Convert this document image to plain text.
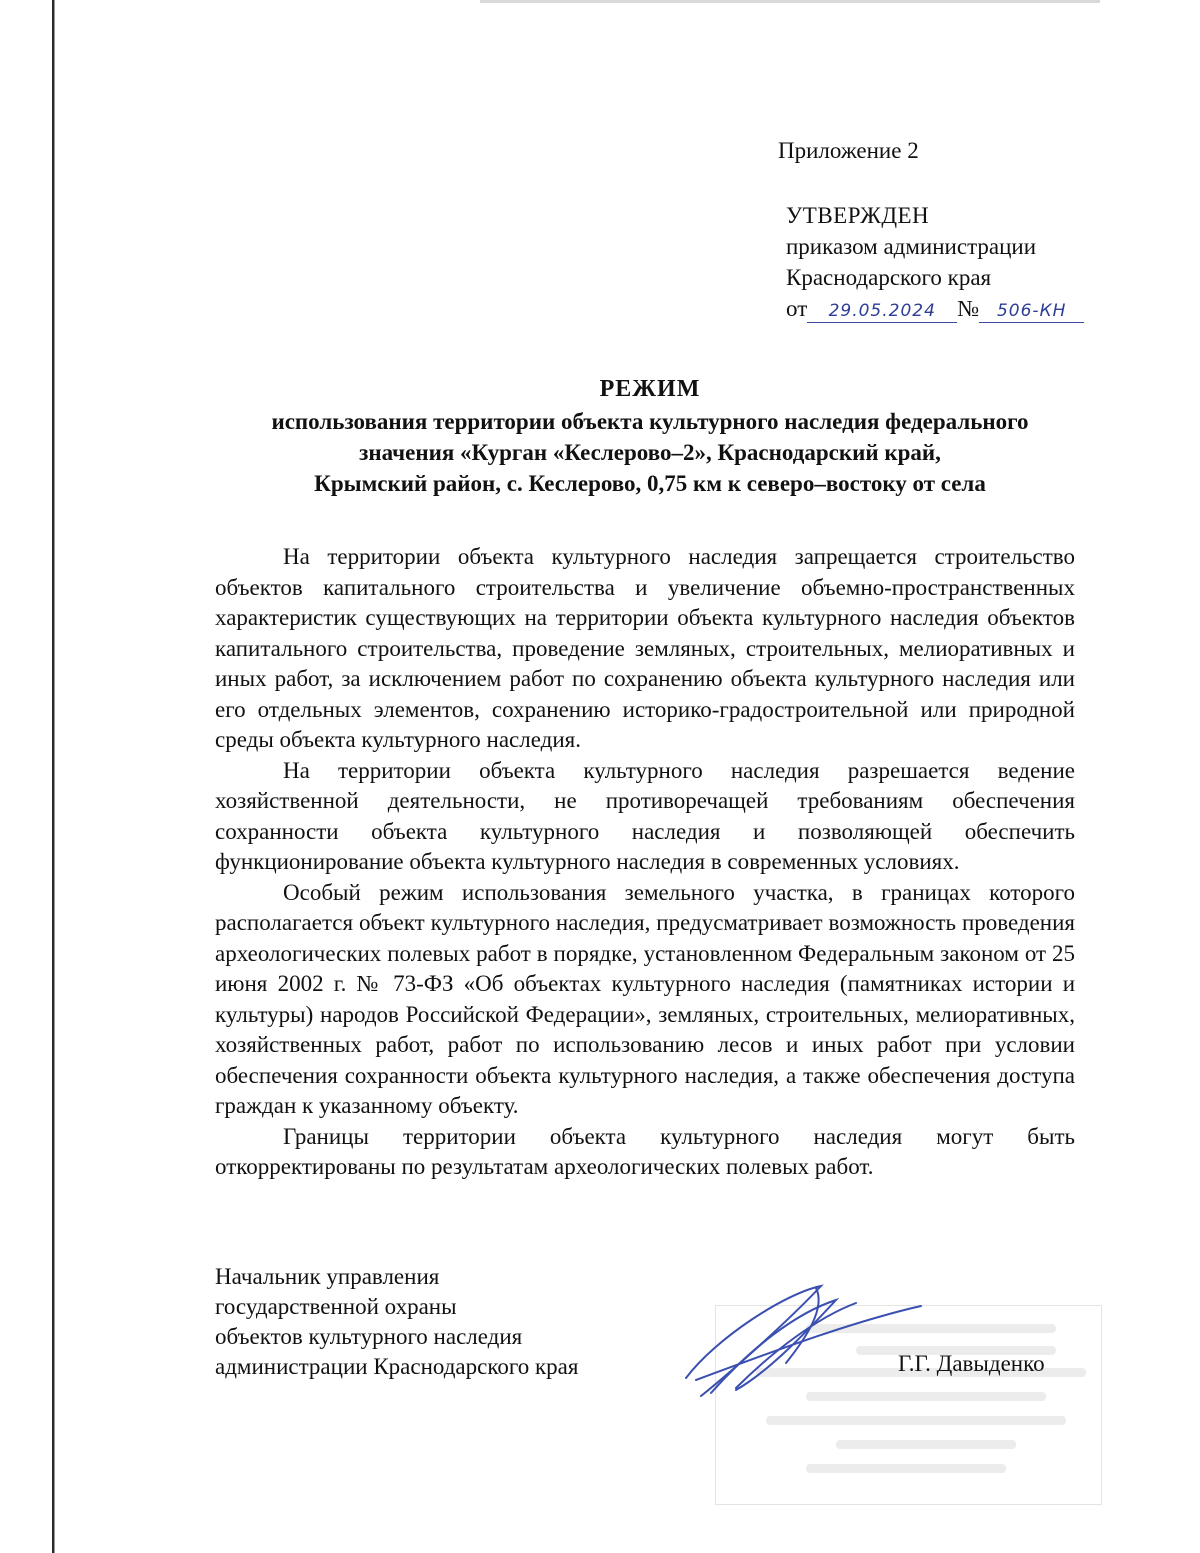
Приложение 2
УТВЕРЖДЕН
приказом администрации
Краснодарского края
от 29.05.2024 № 506-КН
РЕЖИМ
использования территории объекта культурного наследия федерального
значения «Курган «Кеслерово–2», Краснодарский край,
Крымский район, с. Кеслерово, 0,75 км к северо–востоку от села

На территории объекта культурного наследия запрещается строительство объектов капитального строительства и увеличение объемно-пространственных характеристик существующих на территории объекта культурного наследия объектов капитального строительства, проведение земляных, строительных, мелиоративных и иных работ, за исключением работ по сохранению объекта культурного наследия или его отдельных элементов, сохранению историко-градостроительной или природной среды объекта культурного наследия.

На территории объекта культурного наследия разрешается ведение хозяйственной деятельности, не противоречащей требованиям обеспечения сохранности объекта культурного наследия и позволяющей обеспечить функционирование объекта культурного наследия в современных условиях.

Особый режим использования земельного участка, в границах которого располагается объект культурного наследия, предусматривает возможность проведения археологических полевых работ в порядке, установленном Федеральным законом от 25 июня 2002 г. № 73-ФЗ «Об объектах культурного наследия (памятниках истории и культуры) народов Российской Федерации», земляных, строительных, мелиоративных, хозяйственных работ, работ по использованию лесов и иных работ при условии обеспечения сохранности объекта культурного наследия, а также обеспечения доступа граждан к указанному объекту.

Границы территории объекта культурного наследия могут быть откорректированы по результатам археологических полевых работ.

Начальник управления
государственной охраны
объектов культурного наследия
администрации Краснодарского края	Г.Г. Давыденко
